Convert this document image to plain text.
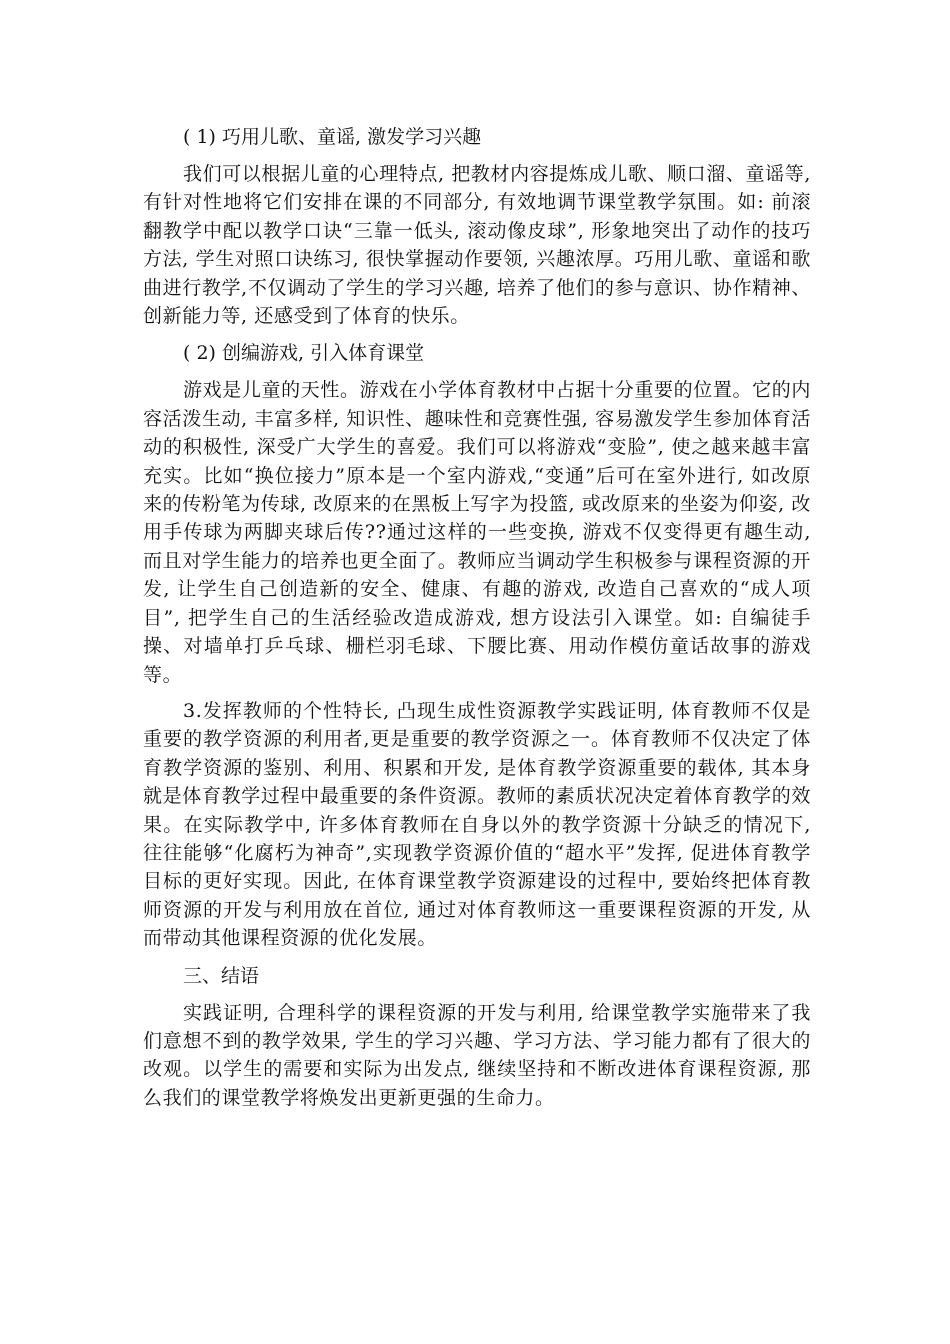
( 1) 巧用儿歌、童谣, 激发学习兴趣

我们可以根据儿童的心理特点, 把教材内容提炼成儿歌、顺口溜、童谣等, 有针对性地将它们安排在课的不同部分, 有效地调节课堂教学氛围。如: 前滚翻教学中配以教学口诀“三靠一低头, 滚动像皮球”, 形象地突出了动作的技巧方法, 学生对照口诀练习, 很快掌握动作要领, 兴趣浓厚。巧用儿歌、童谣和歌曲进行教学,不仅调动了学生的学习兴趣, 培养了他们的参与意识、协作精神、创新能力等, 还感受到了体育的快乐。

( 2) 创编游戏, 引入体育课堂

游戏是儿童的天性。游戏在小学体育教材中占据十分重要的位置。它的内容活泼生动, 丰富多样, 知识性、趣味性和竞赛性强, 容易激发学生参加体育活动的积极性, 深受广大学生的喜爱。我们可以将游戏“变脸”, 使之越来越丰富充实。比如“换位接力”原本是一个室内游戏,“变通”后可在室外进行, 如改原来的传粉笔为传球, 改原来的在黑板上写字为投篮, 或改原来的坐姿为仰姿, 改用手传球为两脚夹球后传??通过这样的一些变换, 游戏不仅变得更有趣生动,而且对学生能力的培养也更全面了。教师应当调动学生积极参与课程资源的开发, 让学生自己创造新的安全、健康、有趣的游戏, 改造自己喜欢的“成人项目”, 把学生自己的生活经验改造成游戏, 想方设法引入课堂。如: 自编徒手操、对墙单打乒乓球、栅栏羽毛球、下腰比赛、用动作模仿童话故事的游戏等。

3.发挥教师的个性特长, 凸现生成性资源教学实践证明, 体育教师不仅是重要的教学资源的利用者,更是重要的教学资源之一。体育教师不仅决定了体育教学资源的鉴别、利用、积累和开发, 是体育教学资源重要的载体, 其本身就是体育教学过程中最重要的条件资源。教师的素质状况决定着体育教学的效果。在实际教学中, 许多体育教师在自身以外的教学资源十分缺乏的情况下, 往往能够“化腐朽为神奇”,实现教学资源价值的“超水平”发挥, 促进体育教学目标的更好实现。因此, 在体育课堂教学资源建设的过程中, 要始终把体育教师资源的开发与利用放在首位, 通过对体育教师这一重要课程资源的开发, 从而带动其他课程资源的优化发展。

三、结语

实践证明, 合理科学的课程资源的开发与利用, 给课堂教学实施带来了我们意想不到的教学效果, 学生的学习兴趣、学习方法、学习能力都有了很大的改观。以学生的需要和实际为出发点, 继续坚持和不断改进体育课程资源, 那么我们的课堂教学将焕发出更新更强的生命力。
